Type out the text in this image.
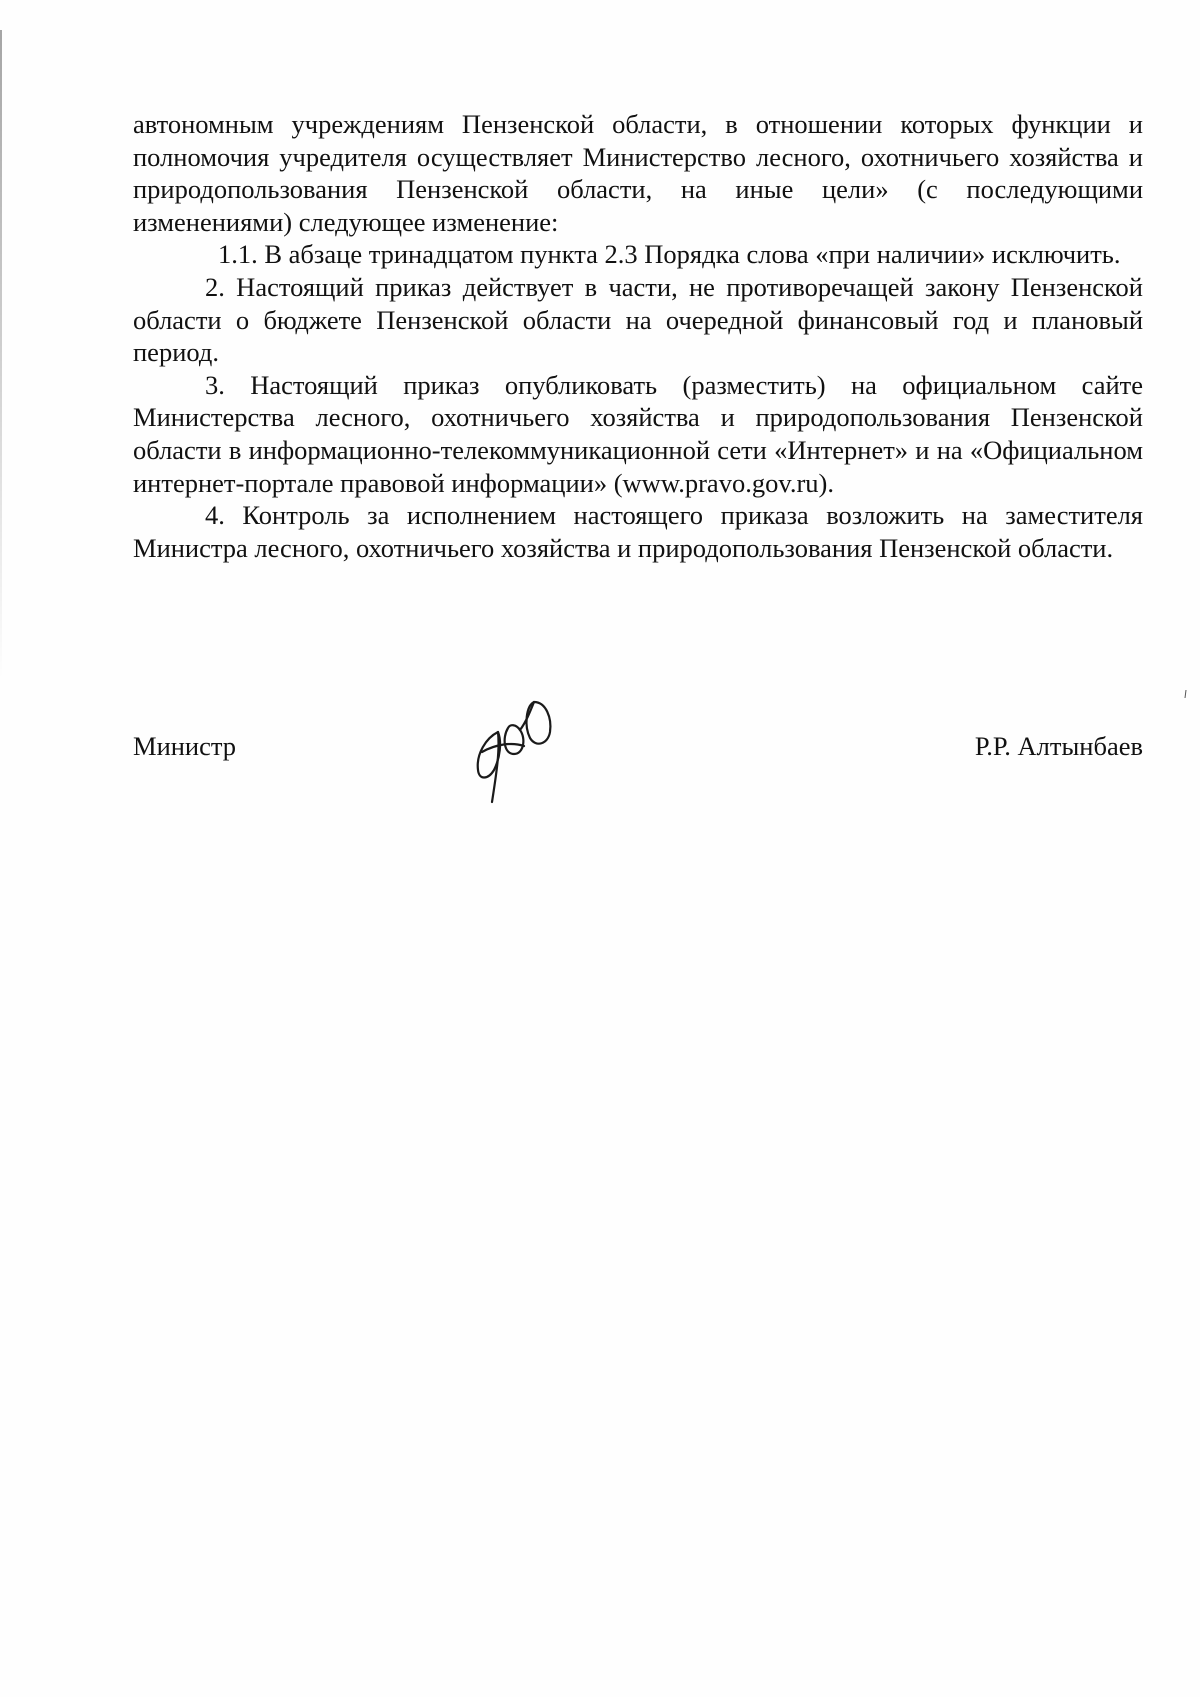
автономным учреждениям Пензенской области, в отношении которых функции и полномочия учредителя осуществляет Министерство лесного, охотничьего хозяйства и природопользования Пензенской области, на иные цели» (с последующими изменениями) следующее изменение:

1.1. В абзаце тринадцатом пункта 2.3 Порядка слова «при наличии» исключить.

2. Настоящий приказ действует в части, не противоречащей закону Пензенской области о бюджете Пензенской области на очередной финансовый год и плановый период.

3. Настоящий приказ опубликовать (разместить) на официальном сайте Министерства лесного, охотничьего хозяйства и природопользования Пензенской области в информационно-телекоммуникационной сети «Интернет» и на «Официальном интернет-портале правовой информации» (www.pravo.gov.ru).

4. Контроль за исполнением настоящего приказа возложить на заместителя Министра лесного, охотничьего хозяйства и природопользования Пензенской области.

Министр	Р.Р. Алтынбаев
